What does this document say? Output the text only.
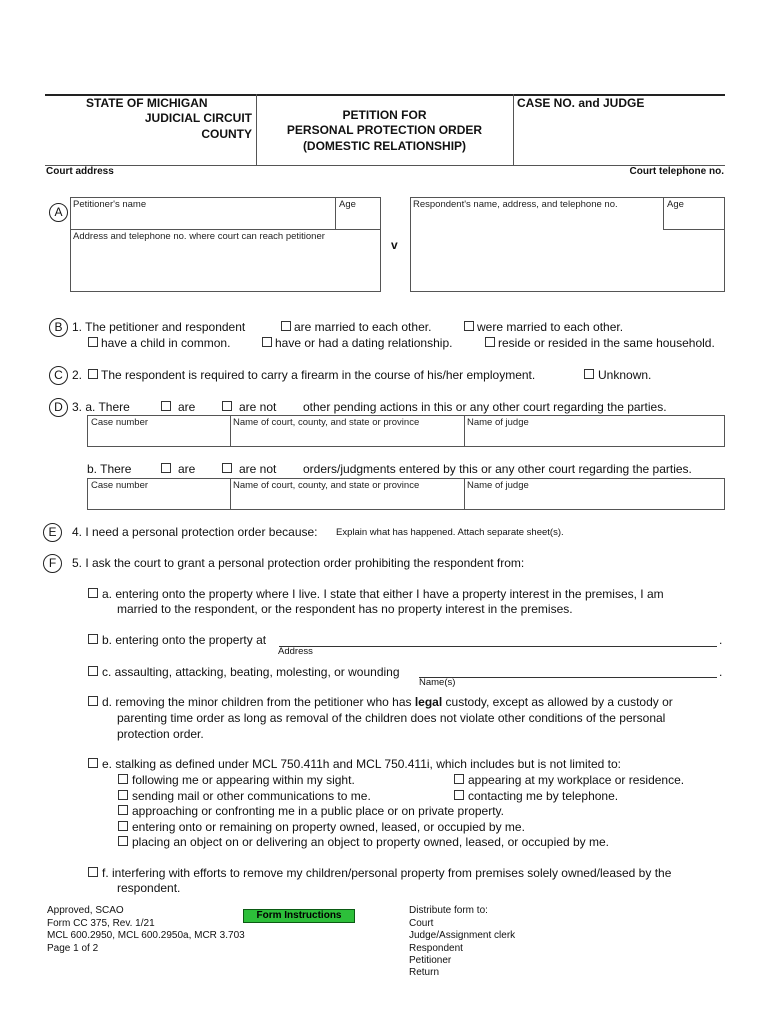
STATE OF MICHIGAN
JUDICIAL CIRCUIT
COUNTY
PETITION FOR
PERSONAL PROTECTION ORDER
(DOMESTIC RELATIONSHIP)
CASE NO. and JUDGE
Court address	Court telephone no.
A
Petitioner's name	Age
Address and telephone no. where court can reach petitioner
v
Respondent's name, address, and telephone no.	Age
B 1. The petitioner and respondent	are married to each other.	were married to each other.
have a child in common.	have or had a dating relationship.	reside or resided in the same household.
C 2. The respondent is required to carry a firearm in the course of his/her employment.	Unknown.
D 3. a. There	are	are not other pending actions in this or any other court regarding the parties.
Case number	Name of court, county, and state or province	Name of judge
b. There	are	are not orders/judgments entered by this or any other court regarding the parties.
Case number	Name of court, county, and state or province	Name of judge
E	4. I need a personal protection order because: Explain what has happened. Attach separate sheet(s).
F	5. I ask the court to grant a personal protection order prohibiting the respondent from:
a. entering onto the property where I live. I state that either I have a property interest in the premises, I am
married to the respondent, or the respondent has no property interest in the premises.
b. entering onto the property at	.
Address
c. assaulting, attacking, beating, molesting, or wounding	.
Name(s)
d. removing the minor children from the petitioner who has legal custody, except as allowed by a custody or
parenting time order as long as removal of the children does not violate other conditions of the personal
protection order.
e. stalking as defined under MCL 750.411h and MCL 750.411i, which includes but is not limited to:
following me or appearing within my sight.	appearing at my workplace or residence.
sending mail or other communications to me.	contacting me by telephone.
approaching or confronting me in a public place or on private property.
entering onto or remaining on property owned, leased, or occupied by me.
placing an object on or delivering an object to property owned, leased, or occupied by me.
f. interfering with efforts to remove my children/personal property from premises solely owned/leased by the
respondent.
Approved, SCAO
Form CC 375, Rev. 1/21
MCL 600.2950, MCL 600.2950a, MCR 3.703
Page 1 of 2
Form Instructions	Distribute form to:
Court
Judge/Assignment clerk
Respondent
Petitioner
Return
